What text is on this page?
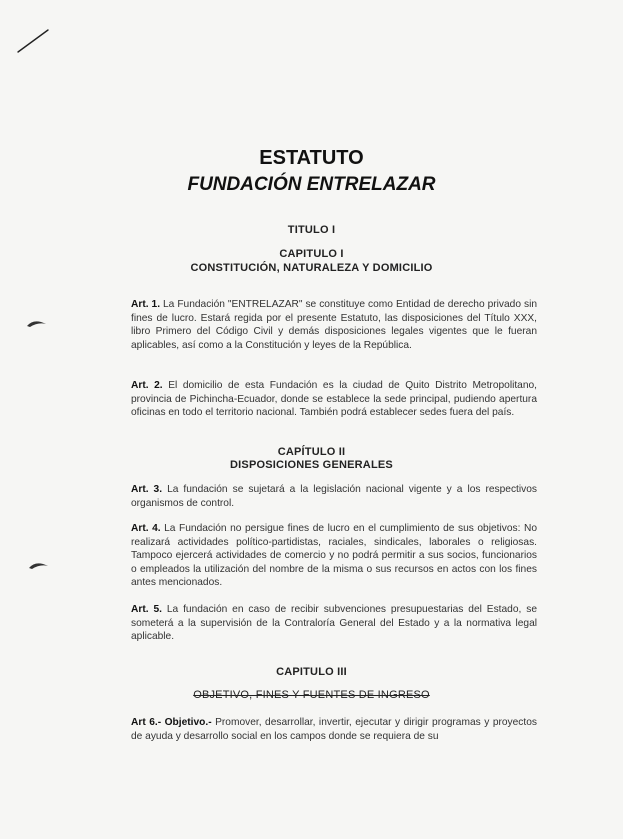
ESTATUTO
FUNDACIÓN ENTRELAZAR
TITULO I
CAPITULO I
CONSTITUCIÓN, NATURALEZA Y DOMICILIO
Art. 1. La Fundación "ENTRELAZAR" se constituye como Entidad de derecho privado sin fines de lucro. Estará regida por el presente Estatuto, las disposiciones del Título XXX, libro Primero del Código Civil y demás disposiciones legales vigentes que le fueran aplicables, así como a la Constitución y leyes de la República.
Art. 2. El domicilio de esta Fundación es la ciudad de Quito Distrito Metropolitano, provincia de Pichincha-Ecuador, donde se establece la sede principal, pudiendo apertura oficinas en todo el territorio nacional. También podrá establecer sedes fuera del país.
CAPÍTULO II
DISPOSICIONES GENERALES
Art. 3. La fundación se sujetará a la legislación nacional vigente y a los respectivos organismos de control.
Art. 4. La Fundación no persigue fines de lucro en el cumplimiento de sus objetivos: No realizará actividades político-partidistas, raciales, sindicales, laborales o religiosas. Tampoco ejercerá actividades de comercio y no podrá permitir a sus socios, funcionarios o empleados la utilización del nombre de la misma o sus recursos en actos con los fines antes mencionados.
Art. 5. La fundación en caso de recibir subvenciones presupuestarias del Estado, se someterá a la supervisión de la Contraloría General del Estado y a la normativa legal aplicable.
CAPITULO III
OBJETIVO, FINES Y FUENTES DE INGRESO
Art 6.- Objetivo.- Promover, desarrollar, invertir, ejecutar y dirigir programas y proyectos de ayuda y desarrollo social en los campos donde se requiera de su
